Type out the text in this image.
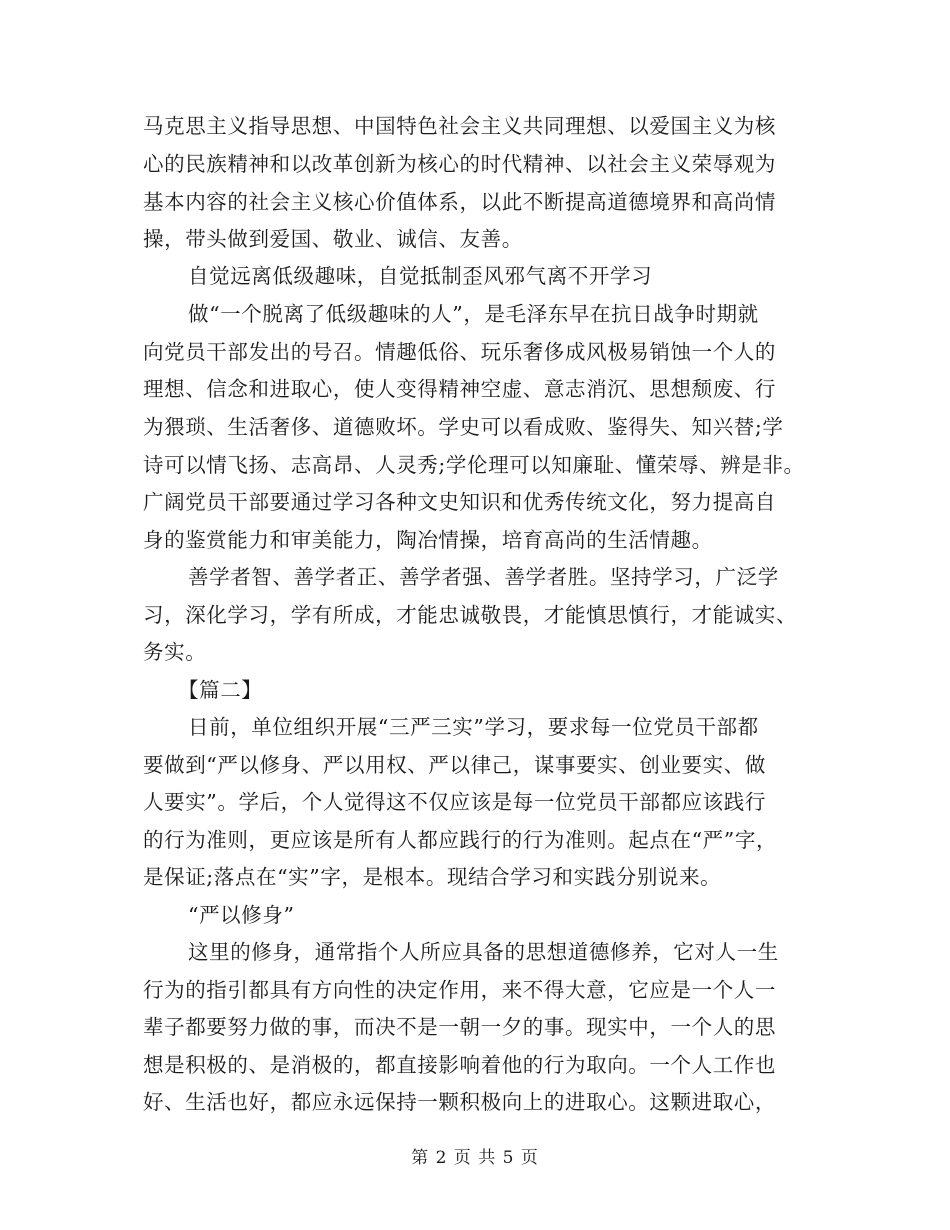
马克思主义指导思想、中国特色社会主义共同理想、以爱国主义为核
心的民族精神和以改革创新为核心的时代精神、以社会主义荣辱观为
基本内容的社会主义核心价值体系，以此不断提高道德境界和高尚情
操，带头做到爱国、敬业、诚信、友善。
自觉远离低级趣味，自觉抵制歪风邪气离不开学习
做“一个脱离了低级趣味的人”，是毛泽东早在抗日战争时期就
向党员干部发出的号召。情趣低俗、玩乐奢侈成风极易销蚀一个人的
理想、信念和进取心，使人变得精神空虚、意志消沉、思想颓废、行
为猥琐、生活奢侈、道德败坏。学史可以看成败、鉴得失、知兴替;学
诗可以情飞扬、志高昂、人灵秀;学伦理可以知廉耻、懂荣辱、辨是非。
广阔党员干部要通过学习各种文史知识和优秀传统文化，努力提高自
身的鉴赏能力和审美能力，陶冶情操，培育高尚的生活情趣。
善学者智、善学者正、善学者强、善学者胜。坚持学习，广泛学
习，深化学习，学有所成，才能忠诚敬畏，才能慎思慎行，才能诚实、
务实。
【篇二】
日前，单位组织开展“三严三实”学习，要求每一位党员干部都
要做到“严以修身、严以用权、严以律己，谋事要实、创业要实、做
人要实”。学后，个人觉得这不仅应该是每一位党员干部都应该践行
的行为准则，更应该是所有人都应践行的行为准则。起点在“严”字，
是保证;落点在“实”字，是根本。现结合学习和实践分别说来。
“严以修身”
这里的修身，通常指个人所应具备的思想道德修养，它对人一生
行为的指引都具有方向性的决定作用，来不得大意，它应是一个人一
辈子都要努力做的事，而决不是一朝一夕的事。现实中，一个人的思
想是积极的、是消极的，都直接影响着他的行为取向。一个人工作也
好、生活也好，都应永远保持一颗积极向上的进取心。这颗进取心，
第 2 页 共 5 页
